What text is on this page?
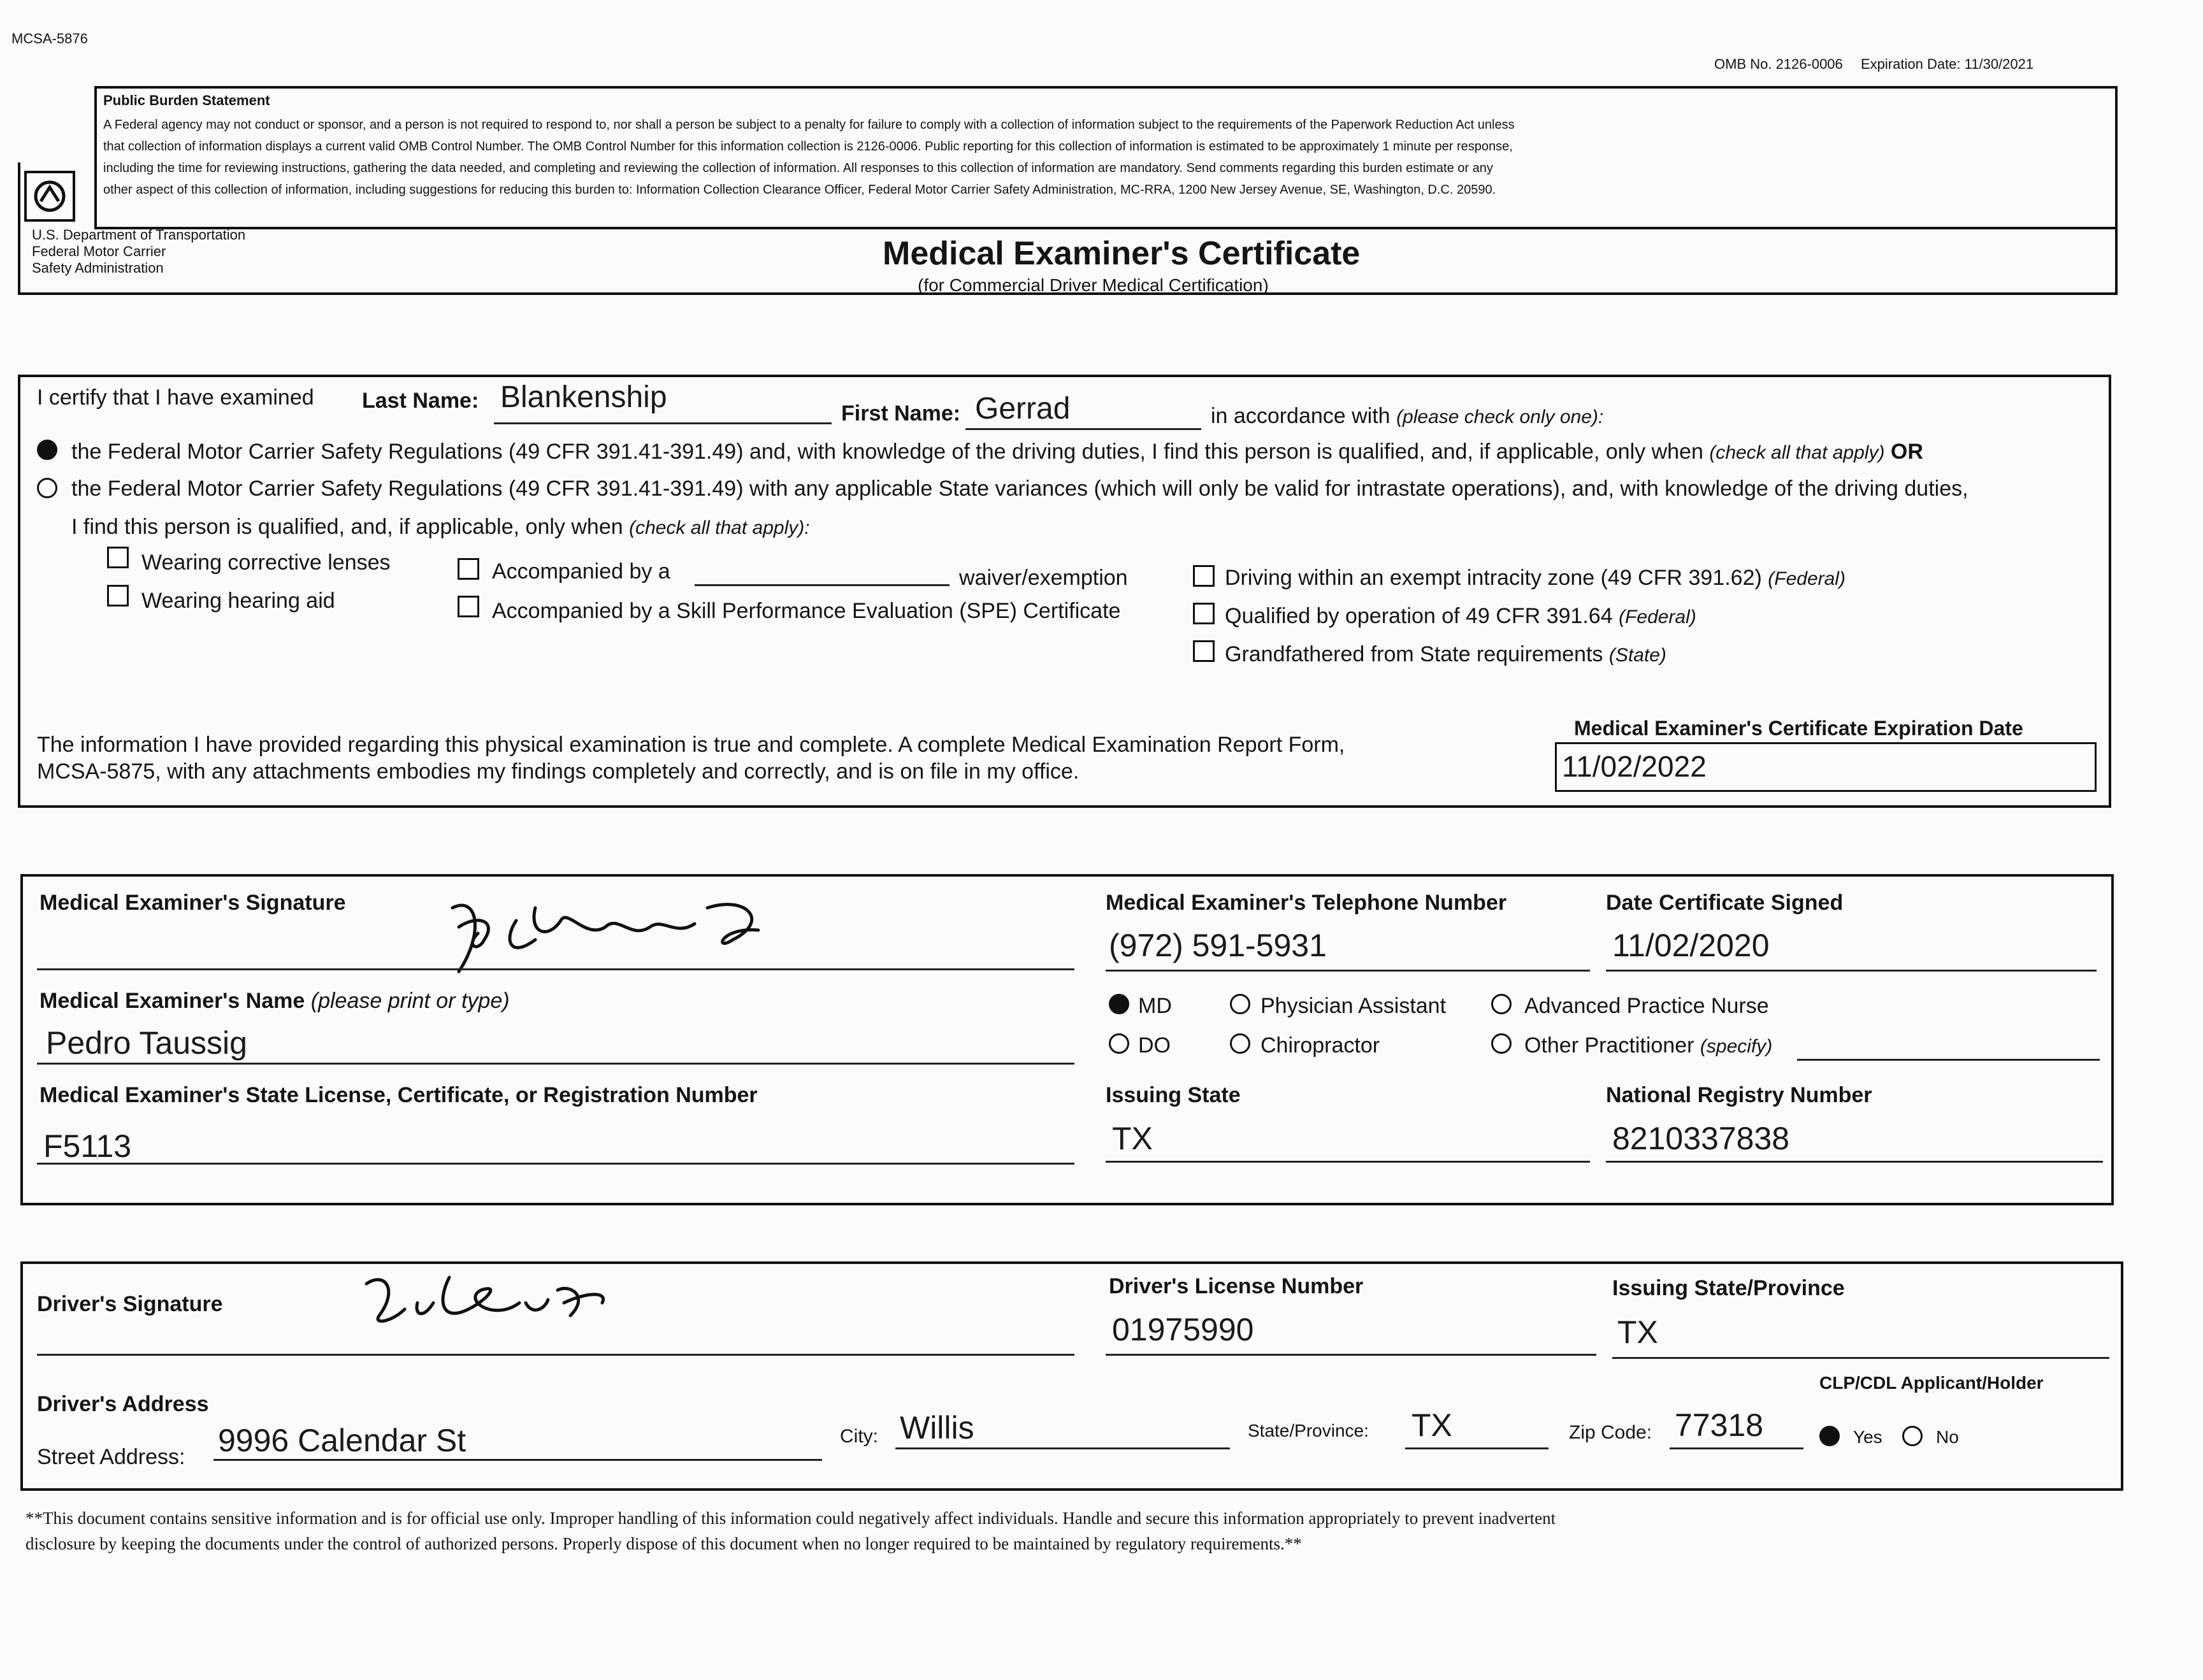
MCSA-5876
OMB No. 2126-0006 Expiration Date: 11/30/2021
Public Burden Statement
A Federal agency may not conduct or sponsor, and a person is not required to respond to, nor shall a person be subject to a penalty for failure to comply with a collection of information subject to the requirements of the Paperwork Reduction Act unless
that collection of information displays a current valid OMB Control Number. The OMB Control Number for this information collection is 2126-0006. Public reporting for this collection of information is estimated to be approximately 1 minute per response,
including the time for reviewing instructions, gathering the data needed, and completing and reviewing the collection of information. All responses to this collection of information are mandatory. Send comments regarding this burden estimate or any
other aspect of this collection of information, including suggestions for reducing this burden to: Information Collection Clearance Officer, Federal Motor Carrier Safety Administration, MC-RRA, 1200 New Jersey Avenue, SE, Washington, D.C. 20590.
U.S. Department of Transportation
Federal Motor Carrier
Safety Administration	Medical Examiner's Certificate
(for Commercial Driver Medical Certification)
I certify that I have examined Last Name: Blankenship	First Name: Gerrad	in accordance with (please check only one):
the Federal Motor Carrier Safety Regulations (49 CFR 391.41-391.49) and, with knowledge of the driving duties, I find this person is qualified, and, if applicable, only when (check all that apply) OR
the Federal Motor Carrier Safety Regulations (49 CFR 391.41-391.49) with any applicable State variances (which will only be valid for intrastate operations), and, with knowledge of the driving duties,
I find this person is qualified, and, if applicable, only when (check all that apply):
Wearing corrective lenses
Wearing hearing aid
Accompanied by a	waiver/exemption
Accompanied by a Skill Performance Evaluation (SPE) Certificate
Driving within an exempt intracity zone (49 CFR 391.62) (Federal)
Qualified by operation of 49 CFR 391.64 (Federal)
Grandfathered from State requirements (State)
The information I have provided regarding this physical examination is true and complete. A complete Medical Examination Report Form,
MCSA-5875, with any attachments embodies my findings completely and correctly, and is on file in my office.
Medical Examiner's Certificate Expiration Date
11/02/2022
Medical Examiner's Signature	Medical Examiner's Telephone Number
(972) 591-5931
Date Certificate Signed
11/02/2020
Medical Examiner's Name (please print or type)
Pedro Taussig
MD	Physician Assistant	Advanced Practice Nurse
DO	Chiropractor	Other Practitioner (specify)
Medical Examiner's State License, Certificate, or Registration Number
F5113
Issuing State
TX
National Registry Number
8210337838
Driver's Signature
Driver's License Number
01975990
Issuing State/Province
TX
CLP/CDL Applicant/Holder
Driver's Address
Street Address: 9996 Calendar St	City: Willis	State/Province: TX	Zip Code: 77318	Yes	No
**This document contains sensitive information and is for official use only. Improper handling of this information could negatively affect individuals. Handle and secure this information appropriately to prevent inadvertent
disclosure by keeping the documents under the control of authorized persons. Properly dispose of this document when no longer required to be maintained by regulatory requirements.**
